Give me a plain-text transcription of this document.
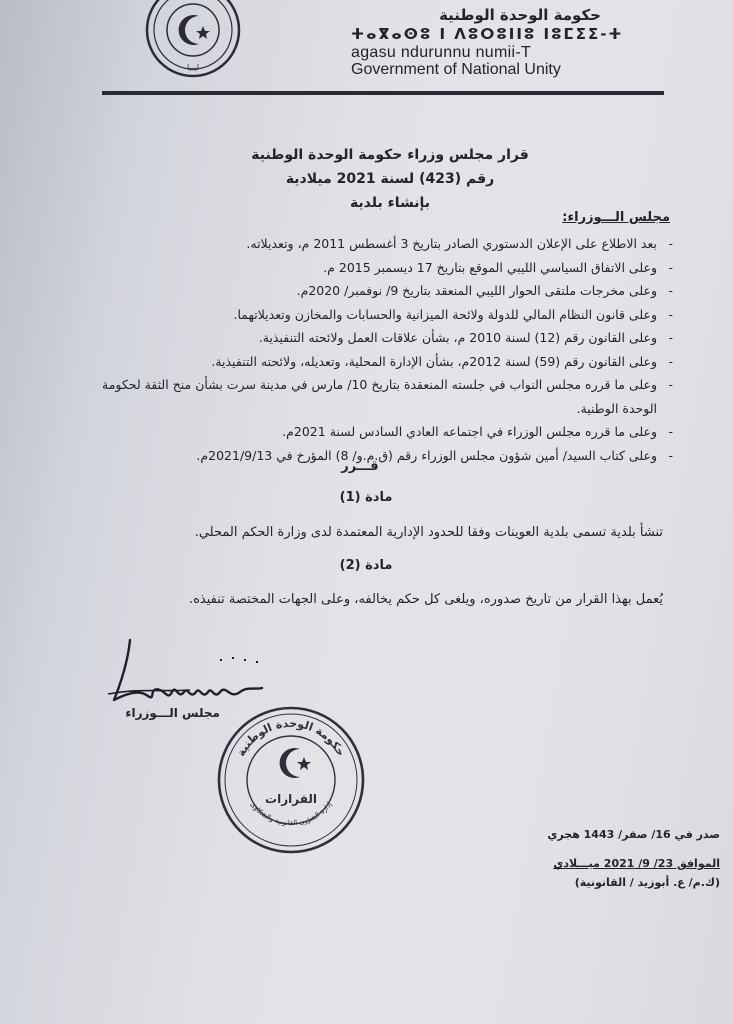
ليبيا
حكومة الوحدة الوطنية
ⵜⴰⴳⴰⵙⵓ ⵏ ⴷⵓⵔⵓⵏⵏⵓ ⵏⵓⵎⵉⵉ-ⵜ
agasu ndurunnu numii-T
Government of National Unity
قرار مجلس وزراء حكومة الوحدة الوطنية
رقم (423) لسنة 2021 ميلادية
بإنشاء بلدية
مجلس الـــوزراء:
- بعد الاطلاع على الإعلان الدستوري الصادر بتاريخ 3 أغسطس 2011 م، وتعديلاته.
- وعلى الاتفاق السياسي الليبي الموقع بتاريخ 17 ديسمبر 2015 م.
- وعلى مخرجات ملتقى الحوار الليبي المنعقد بتاريخ 9/ نوفمبر/ 2020م.
- وعلى قانون النظام المالي للدولة ولائحة الميزانية والحسابات والمخازن وتعديلاتهما.
- وعلى القانون رقم (12) لسنة 2010 م، بشأن علاقات العمل ولائحته التنفيذية.
- وعلى القانون رقم (59) لسنة 2012م، بشأن الإدارة المحلية، وتعديله، ولائحته التنفيذية.
- وعلى ما قرره مجلس النواب في جلسته المنعقدة بتاريخ 10/ مارس في مدينة سرت بشأن منح الثقة لحكومة الوحدة الوطنية.
- وعلى ما قرره مجلس الوزراء في اجتماعه العادي السادس لسنة 2021م.
- وعلى كتاب السيد/ أمين شؤون مجلس الوزراء رقم (ق.م.و/ 8) المؤرخ في 2021/9/13م.
قـــرر
مادة (1)
تنشأ بلدية تسمى بلدية العوينات وفقا للحدود الإدارية المعتمدة لدى وزارة الحكم المحلي.
مادة (2)
يُعمل بهذا القرار من تاريخ صدوره، ويلغى كل حكم يخالفه، وعلى الجهات المختصة تنفيذه.
مجلس الـــوزراء
القرارات
حكومة الوحدة الوطنية
إدارة الشؤون القانونية والشكاوى
صدر في 16/ صفر/ 1443 هجري
الموافق 23/ 9/ 2021 ميـــلادي
(ك.م/ ع. أبوزيد / القانونية)
